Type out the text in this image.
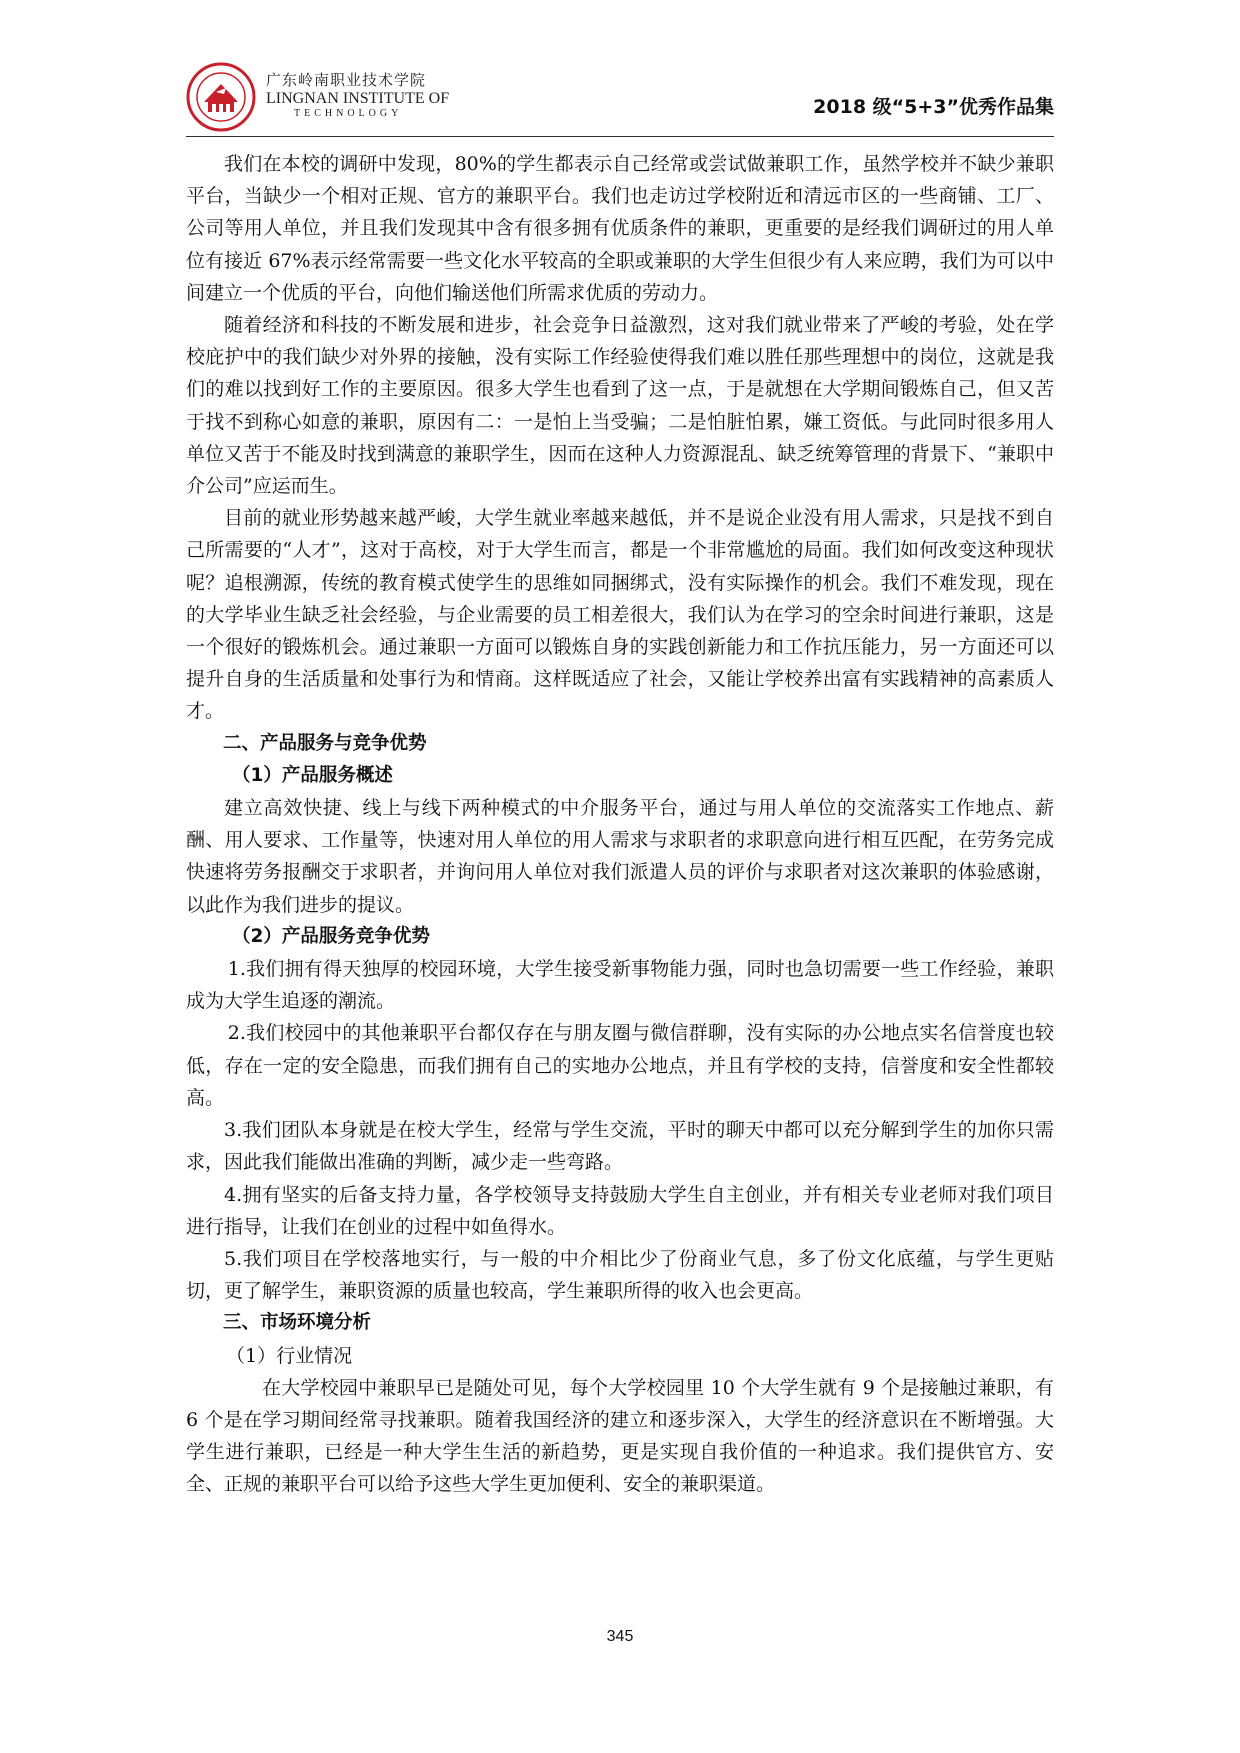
广东岭南职业技术学院
LINGNAN INSTITUTE OF
TECHNOLOGY	2018 级“5+3”优秀作品集

我们在本校的调研中发现，80%的学生都表示自己经常或尝试做兼职工作，虽然学校并不缺少兼职平台，当缺少一个相对正规、官方的兼职平台。我们也走访过学校附近和清远市区的一些商铺、工厂、公司等用人单位，并且我们发现其中含有很多拥有优质条件的兼职，更重要的是经我们调研过的用人单位有接近 67%表示经常需要一些文化水平较高的全职或兼职的大学生但很少有人来应聘，我们为可以中间建立一个优质的平台，向他们输送他们所需求优质的劳动力。

随着经济和科技的不断发展和进步，社会竞争日益激烈，这对我们就业带来了严峻的考验，处在学校庇护中的我们缺少对外界的接触，没有实际工作经验使得我们难以胜任那些理想中的岗位，这就是我们的难以找到好工作的主要原因。很多大学生也看到了这一点，于是就想在大学期间锻炼自己，但又苦于找不到称心如意的兼职，原因有二：一是怕上当受骗；二是怕脏怕累，嫌工资低。与此同时很多用人单位又苦于不能及时找到满意的兼职学生，因而在这种人力资源混乱、缺乏统筹管理的背景下、“兼职中介公司”应运而生。

目前的就业形势越来越严峻，大学生就业率越来越低，并不是说企业没有用人需求，只是找不到自己所需要的“人才”，这对于高校，对于大学生而言，都是一个非常尴尬的局面。我们如何改变这种现状呢？追根溯源，传统的教育模式使学生的思维如同捆绑式，没有实际操作的机会。我们不难发现，现在的大学毕业生缺乏社会经验，与企业需要的员工相差很大，我们认为在学习的空余时间进行兼职，这是一个很好的锻炼机会。通过兼职一方面可以锻炼自身的实践创新能力和工作抗压能力，另一方面还可以提升自身的生活质量和处事行为和情商。这样既适应了社会，又能让学校养出富有实践精神的高素质人才。

二、产品服务与竞争优势
（1）产品服务概述

建立高效快捷、线上与线下两种模式的中介服务平台，通过与用人单位的交流落实工作地点、薪酬、用人要求、工作量等，快速对用人单位的用人需求与求职者的求职意向进行相互匹配，在劳务完成快速将劳务报酬交于求职者，并询问用人单位对我们派遣人员的评价与求职者对这次兼职的体验感谢，以此作为我们进步的提议。

（2）产品服务竞争优势

1.我们拥有得天独厚的校园环境，大学生接受新事物能力强，同时也急切需要一些工作经验，兼职成为大学生追逐的潮流。

2.我们校园中的其他兼职平台都仅存在与朋友圈与微信群聊，没有实际的办公地点实名信誉度也较低，存在一定的安全隐患，而我们拥有自己的实地办公地点，并且有学校的支持，信誉度和安全性都较高。

3.我们团队本身就是在校大学生，经常与学生交流，平时的聊天中都可以充分解到学生的加你只需求，因此我们能做出准确的判断，减少走一些弯路。

4.拥有坚实的后备支持力量，各学校领导支持鼓励大学生自主创业，并有相关专业老师对我们项目进行指导，让我们在创业的过程中如鱼得水。

5.我们项目在学校落地实行，与一般的中介相比少了份商业气息，多了份文化底蕴，与学生更贴切，更了解学生，兼职资源的质量也较高，学生兼职所得的收入也会更高。

三、市场环境分析
（1）行业情况

在大学校园中兼职早已是随处可见，每个大学校园里 10 个大学生就有 9 个是接触过兼职，有 6 个是在学习期间经常寻找兼职。随着我国经济的建立和逐步深入，大学生的经济意识在不断增强。大学生进行兼职，已经是一种大学生生活的新趋势，更是实现自我价值的一种追求。我们提供官方、安全、正规的兼职平台可以给予这些大学生更加便利、安全的兼职渠道。

345
